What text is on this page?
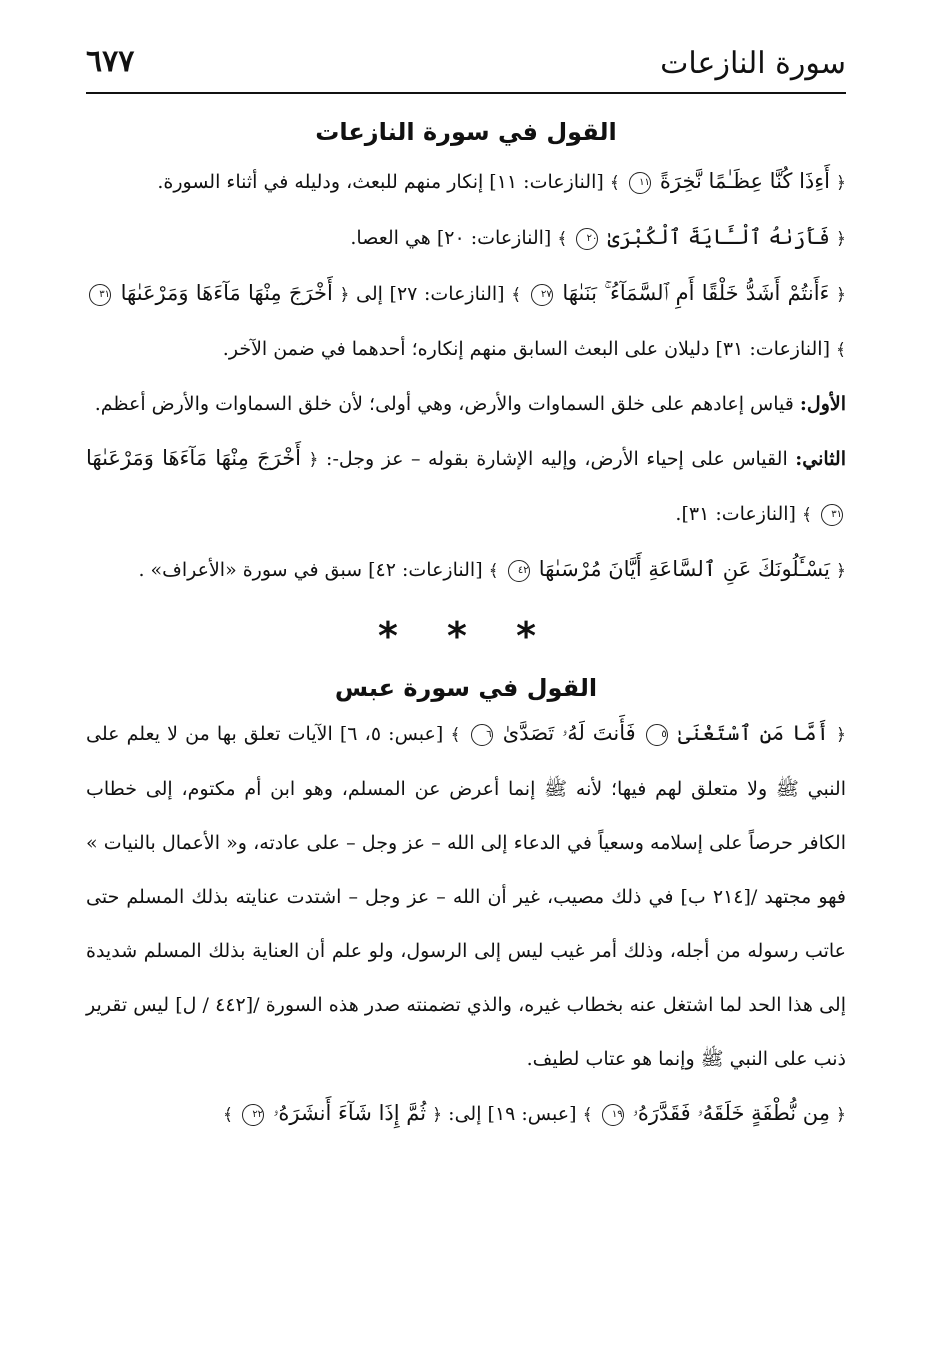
سورة النازعات
٦٧٧
القول في سورة النازعات

﴿ أَءِذَا كُنَّا عِظَـٰمًا نَّخِرَةً ١١ ﴾ [النازعات: ١١] إنكار منهم للبعث، ودليله في أثناء السورة.

﴿ فَأَرَىٰهُ ٱلْـَٔايَةَ ٱلْكُبْرَىٰ ٢٠ ﴾ [النازعات: ٢٠] هي العصا.

﴿ ءَأَنتُمْ أَشَدُّ خَلْقًا أَمِ ٱلسَّمَآءُ ۚ بَنَىٰهَا ٢٧ ﴾ [النازعات: ٢٧] إلى ﴿ أَخْرَجَ مِنْهَا مَآءَهَا وَمَرْعَىٰهَا ٣١ ﴾ [النازعات: ٣١] دليلان على البعث السابق منهم إنكاره؛ أحدهما في ضمن الآخر.

الأول: قياس إعادهم على خلق السماوات والأرض، وهي أولى؛ لأن خلق السماوات والأرض أعظم.

الثاني: القياس على إحياء الأرض، وإليه الإشارة بقوله – عز وجل-: ﴿ أَخْرَجَ مِنْهَا مَآءَهَا وَمَرْعَىٰهَا ٣١ ﴾ [النازعات: ٣١].

﴿ يَسْـَٔلُونَكَ عَنِ ٱلسَّاعَةِ أَيَّانَ مُرْسَىٰهَا ٤٢ ﴾ [النازعات: ٤٢] سبق في سورة «الأعراف» .

* * *
القول في سورة عبس

﴿ أَمَّا مَنِ ٱسْتَغْنَىٰ ٥ فَأَنتَ لَهُۥ تَصَدَّىٰ ٦ ﴾ [عبس: ٥، ٦] الآيات تعلق بها من لا يعلم على النبي ﷺ ولا متعلق لهم فيها؛ لأنه ﷺ إنما أعرض عن المسلم، وهو ابن أم مكتوم، إلى خطاب الكافر حرصاً على إسلامه وسعياً في الدعاء إلى الله – عز وجل – على عادته، و« الأعمال بالنيات » فهو مجتهد /[٢١٤ ب] في ذلك مصيب، غير أن الله – عز وجل – اشتدت عنايته بذلك المسلم حتى عاتب رسوله من أجله، وذلك أمر غيب ليس إلى الرسول، ولو علم أن العناية بذلك المسلم شديدة إلى هذا الحد لما اشتغل عنه بخطاب غيره، والذي تضمنته صدر هذه السورة /[٤٤٢ / ل] ليس تقرير ذنب على النبي ﷺ وإنما هو عتاب لطيف.

﴿ مِن نُّطْفَةٍ خَلَقَهُۥ فَقَدَّرَهُۥ ١٩ ﴾ [عبس: ١٩] إلى: ﴿ ثُمَّ إِذَا شَآءَ أَنشَرَهُۥ ٢٢ ﴾
